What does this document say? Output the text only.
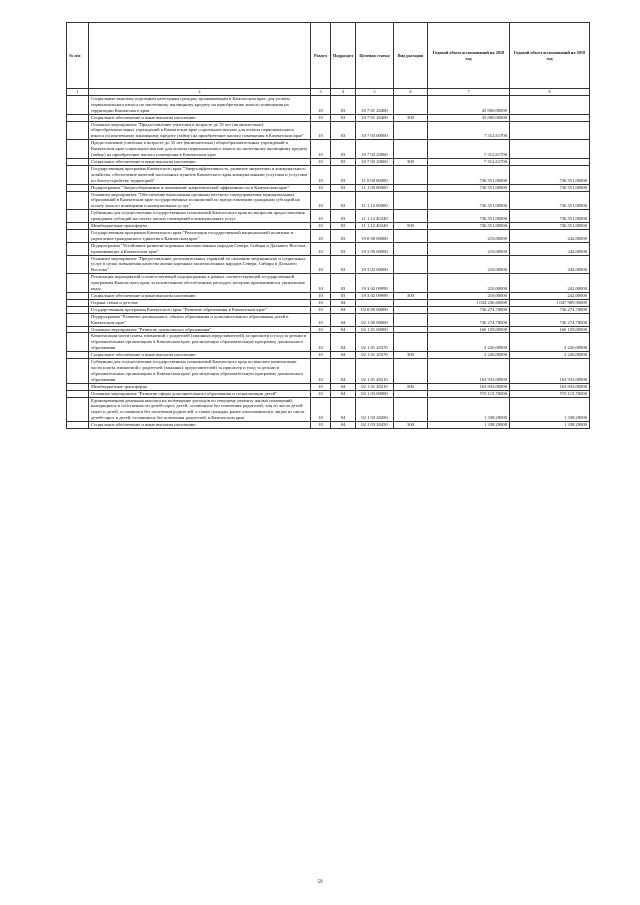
№ п/п		Раздел	Подраздел	Целевая статья	Вид расходов	Годовой объем ассигнований на 2018 год	Годовой объем ассигнований на 2019 год
1	2	3	4	5	6	7	8
	Социальные выплаты отдельным категориям граждан, проживающим в Камчатском крае, для уплаты первоначального взноса по ипотечному жилищному кредиту на приобретение жилого помещения на территории Камчатского края	10	03	10 7 01 20400		45 000,00000	
	Социальное обеспечение и иные выплаты населению	10	03	10 7 01 20400	300	45 000,00000	
	Основное мероприятие "Предоставление учителям в возрасте до 35 лет (включительно) общеобразовательных учреждений в Камчатском крае социальных выплат для оплаты первоначального взноса по ипотечному жилищному кредиту (займу) на приобретение жилого помещения в Камчатском крае"	10	03	10 7 03 00000		7 312,61700	
	Предоставление учителям в возрасте до 35 лет (включительно) общеобразовательных учреждений в Камчатском крае социальных выплат для оплаты первоначального взноса по ипотечному жилищному кредиту (займу) на приобретение жилого помещения в Камчатском крае	10	03	10 7 03 20060		7 312,61700	
	Социальное обеспечение и иные выплаты населению	10	03	10 7 03 20060	300	7 312,61700	
	Государственная программа Камчатского края "Энергоэффективность, развитие энергетики и коммунального хозяйства, обеспечение жителей населенных пунктов Камчатского края коммунальными услугами и услугами по благоустройству территорий"	10	03	11 0 00 00000		736 551,00000	736 551,00000
	Подпрограмма "Энергосбережение и повышение энергетической эффективности в Камчатском крае"	10	03	11 1 00 00000		736 551,00000	736 551,00000
	Основное мероприятие "Обеспечение выполнения органами местного самоуправления муниципальных образований в Камчатском крае государственных полномочий по предоставлению гражданам субсидий на оплату жилого помещения и коммунальных услуг"	10	03	11 1 12 00000		736 551,00000	736 551,00000
	Субвенции для осуществления государственных полномочий Камчатского края по вопросам предоставления гражданам субсидий на оплату жилых помещений и коммунальных услуг	10	03	11 1 12 40240		736 551,00000	736 551,00000
	Межбюджетные трансферты	10	03	11 1 12 40240	500	736 551,00000	736 551,00000
	Государственная программа Камчатского края "Реализация государственной национальной политики и укрепление гражданского единства в Камчатском крае"	10	03	19 0 00 00000		210,00000	242,00000
	Подпрограмма "Устойчивое развитие коренных малочисленных народов Севера, Сибири и Дальнего Востока, проживающих в Камчатском крае"	10	03	19 3 00 00000		210,00000	242,00000
	Основное мероприятие "Предоставление дополнительных гарантий по оказанию медицинских и социальных услуг в целях повышения качества жизни коренных малочисленных народов Севера, Сибири и Дальнего Востока"	10	03	19 3 02 00000		210,00000	242,00000
	Реализация мероприятий соответствующей подпрограммы в рамках соответствующей государственной программы Камчатского края, за исключением обособленных расходов, которым присваиваются уникальные коды	10	03	19 3 02 09999		210,00000	242,00000
	Социальное обеспечение и иные выплаты населению	10	03	19 3 02 09999	300	210,00000	242,00000
	Охрана семьи и детства	10	04			1 034 236,60000	1 047 989,90000
	Государственная программа Камчатского края "Развитие образования в Камчатском крае"	10	04	02 0 00 00000		736 274,70000	736 274,70000
	Подпрограмма "Развитие дошкольного, общего образования и дополнительного образования детей в Камчатском крае"	10	04	02 1 00 00000		736 274,70000	736 274,70000
	Основное мероприятие "Развитие дошкольного образования"	10	04	02 1 01 00000		166 159,00000	166 159,00000
	Компенсация части платы, взимаемой с родителей (законных представителей) за присмотр и уход за детьми в образовательных организациях в Камчатском крае, реализующих образовательную программу дошкольного образования	10	04	02 1 01 20370		2 226,00000	2 226,00000
	Социальное обеспечение и иные выплаты населению	10	04	02 1 01 20370	300	2 226,00000	2 226,00000
	Субвенции для осуществления государственных полномочий Камчатского края по выплате компенсации части платы, взимаемой с родителей (законных представителей) за присмотр и уход за детьми в образовательных организациях в Камчатском крае, реализующих образовательную программу дошкольного образования	10	04	02 1 01 40210		163 933,00000	163 933,00000
	Межбюджетные трансферты	10	04	02 1 01 40210	500	163 933,00000	163 933,00000
	Основное мероприятие "Развитие сферы дополнительного образования и социализации детей"	10	04	02 1 03 00000		570 115,70000	570 115,70000
	Единовременная денежная выплата на возмещение расходов по текущему ремонту жилых помещений, находящихся в собственности детей-сирот, детей, оставшихся без попечения родителей, лиц из числа детей-сирот и детей, оставшихся без попечения родителей, а также граждан, ранее относившихся к лицам из числа детей-сирот и детей, оставшихся без попечения родителей, в Камчатском крае	10	04	02 1 03 20450		1 338,20000	1 338,20000
	Социальное обеспечение и иные выплаты населению	10	04	02 1 03 20450	300	1 338,20000	1 338,20000
59
